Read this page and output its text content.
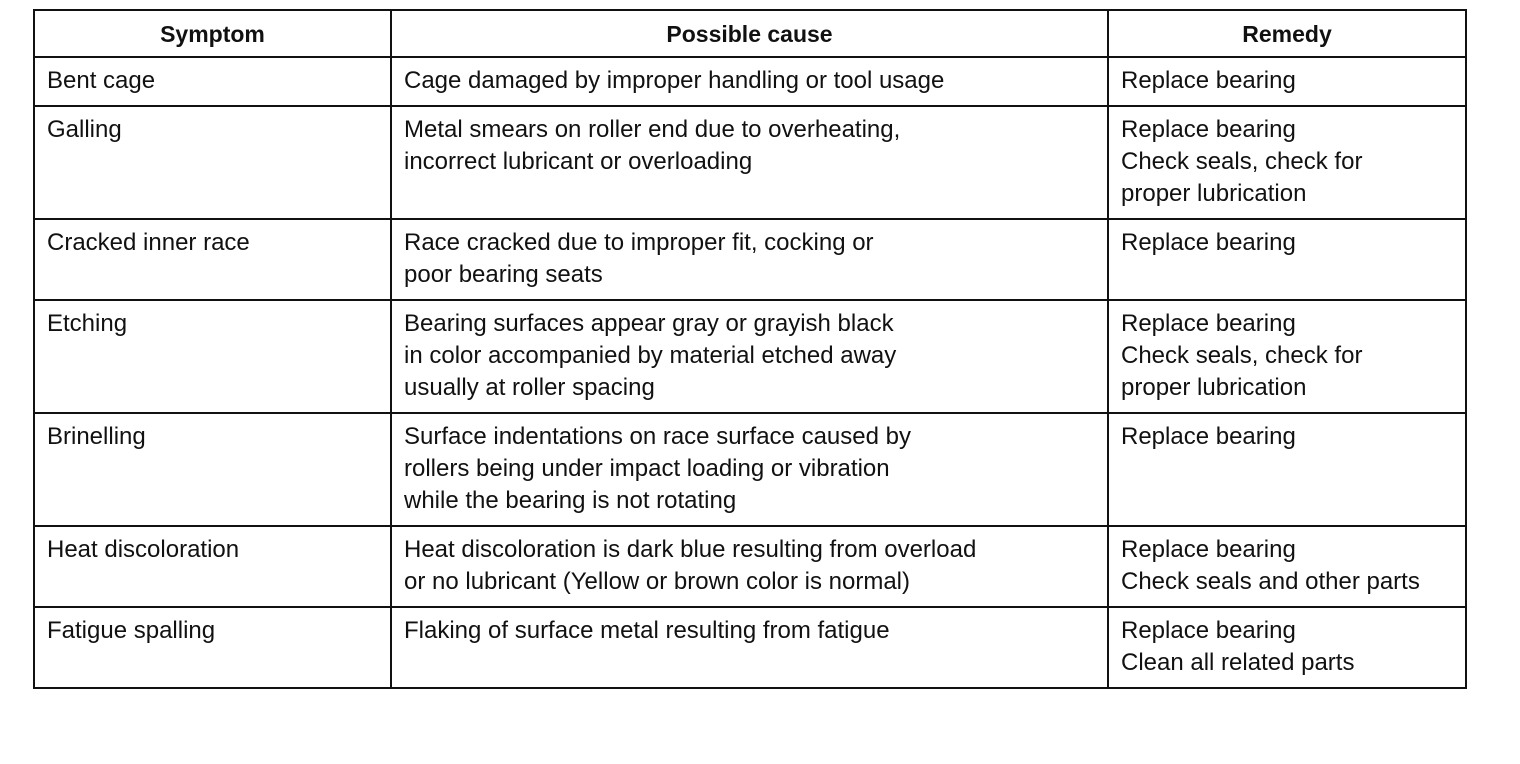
Symptom	Possible cause	Remedy

Bent cage	Cage damaged by improper handling or tool usage	Replace bearing

Galling	Metal smears on roller end due to overheating,
incorrect lubricant or overloading	Replace bearing
Check seals, check for
proper lubrication

Cracked inner race	Race cracked due to improper fit, cocking or
poor bearing seats	Replace bearing

Etching	Bearing surfaces appear gray or grayish black
in color accompanied by material etched away
usually at roller spacing	Replace bearing
Check seals, check for
proper lubrication

Brinelling	Surface indentations on race surface caused by
rollers being under impact loading or vibration
while the bearing is not rotating	Replace bearing

Heat discoloration	Heat discoloration is dark blue resulting from overload
or no lubricant (Yellow or brown color is normal)	Replace bearing
Check seals and other parts

Fatigue spalling	Flaking of surface metal resulting from fatigue	Replace bearing
Clean all related parts
